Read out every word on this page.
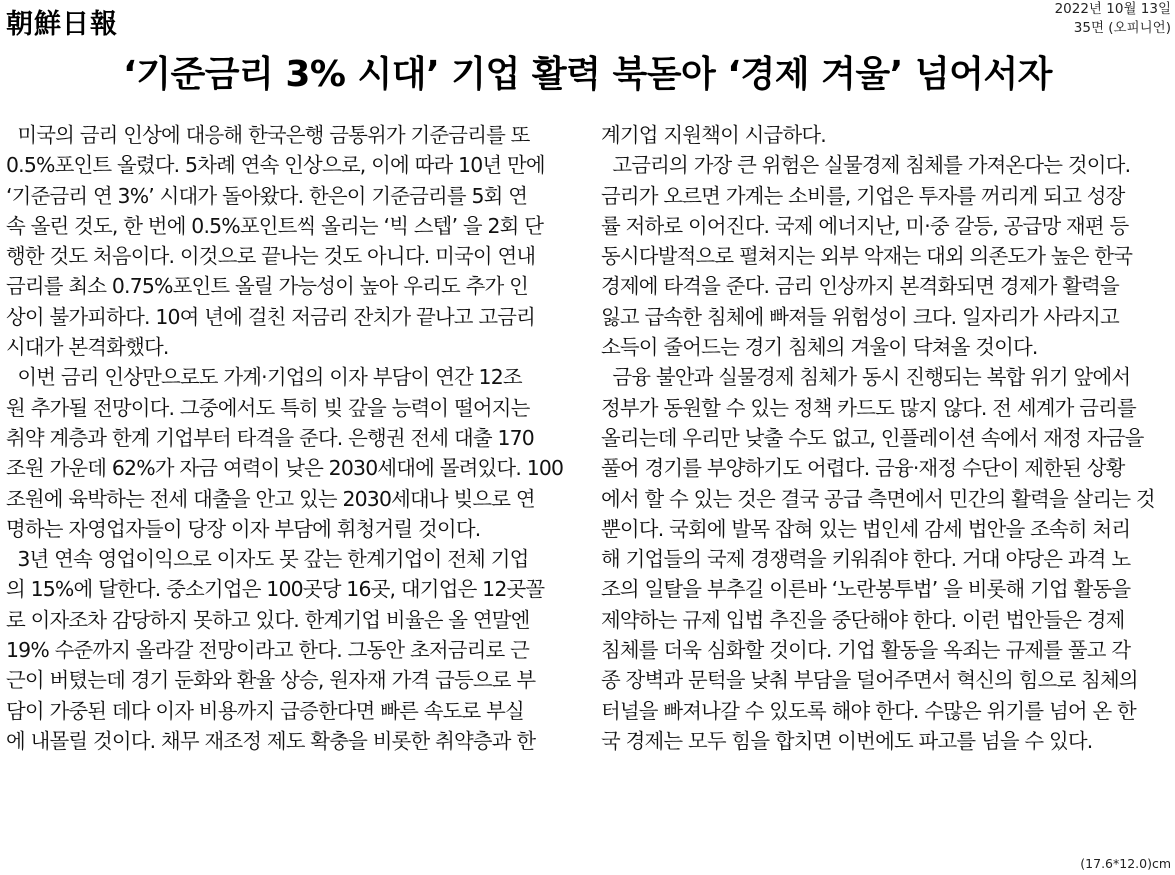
朝鮮日報	2022년 10월 13일
35면 (오피니언)
‘기준금리 3% 시대’ 기업 활력 북돋아 ‘경제 겨울’ 넘어서자
미국의 금리 인상에 대응해 한국은행 금통위가 기준금리를 또
0.5%포인트 올렸다. 5차례 연속 인상으로, 이에 따라 10년 만에
‘기준금리 연 3%’ 시대가 돌아왔다. 한은이 기준금리를 5회 연
속 올린 것도, 한 번에 0.5%포인트씩 올리는 ‘빅 스텝’ 을 2회 단
행한 것도 처음이다. 이것으로 끝나는 것도 아니다. 미국이 연내
금리를 최소 0.75%포인트 올릴 가능성이 높아 우리도 추가 인
상이 불가피하다. 10여 년에 걸친 저금리 잔치가 끝나고 고금리
시대가 본격화했다.
이번 금리 인상만으로도 가계·기업의 이자 부담이 연간 12조
원 추가될 전망이다. 그중에서도 특히 빚 갚을 능력이 떨어지는
취약 계층과 한계 기업부터 타격을 준다. 은행권 전세 대출 170
조원 가운데 62%가 자금 여력이 낮은 2030세대에 몰려있다. 100
조원에 육박하는 전세 대출을 안고 있는 2030세대나 빚으로 연
명하는 자영업자들이 당장 이자 부담에 휘청거릴 것이다.
3년 연속 영업이익으로 이자도 못 갚는 한계기업이 전체 기업
의 15%에 달한다. 중소기업은 100곳당 16곳, 대기업은 12곳꼴
로 이자조차 감당하지 못하고 있다. 한계기업 비율은 올 연말엔
19% 수준까지 올라갈 전망이라고 한다. 그동안 초저금리로 근
근이 버텼는데 경기 둔화와 환율 상승, 원자재 가격 급등으로 부
담이 가중된 데다 이자 비용까지 급증한다면 빠른 속도로 부실
에 내몰릴 것이다. 채무 재조정 제도 확충을 비롯한 취약층과 한
계기업 지원책이 시급하다.
고금리의 가장 큰 위험은 실물경제 침체를 가져온다는 것이다.
금리가 오르면 가계는 소비를, 기업은 투자를 꺼리게 되고 성장
률 저하로 이어진다. 국제 에너지난, 미·중 갈등, 공급망 재편 등
동시다발적으로 펼쳐지는 외부 악재는 대외 의존도가 높은 한국
경제에 타격을 준다. 금리 인상까지 본격화되면 경제가 활력을
잃고 급속한 침체에 빠져들 위험성이 크다. 일자리가 사라지고
소득이 줄어드는 경기 침체의 겨울이 닥쳐올 것이다.
금융 불안과 실물경제 침체가 동시 진행되는 복합 위기 앞에서
정부가 동원할 수 있는 정책 카드도 많지 않다. 전 세계가 금리를
올리는데 우리만 낮출 수도 없고, 인플레이션 속에서 재정 자금을
풀어 경기를 부양하기도 어렵다. 금융·재정 수단이 제한된 상황
에서 할 수 있는 것은 결국 공급 측면에서 민간의 활력을 살리는 것
뿐이다. 국회에 발목 잡혀 있는 법인세 감세 법안을 조속히 처리
해 기업들의 국제 경쟁력을 키워줘야 한다. 거대 야당은 과격 노
조의 일탈을 부추길 이른바 ‘노란봉투법’ 을 비롯해 기업 활동을
제약하는 규제 입법 추진을 중단해야 한다. 이런 법안들은 경제
침체를 더욱 심화할 것이다. 기업 활동을 옥죄는 규제를 풀고 각
종 장벽과 문턱을 낮춰 부담을 덜어주면서 혁신의 힘으로 침체의
터널을 빠져나갈 수 있도록 해야 한다. 수많은 위기를 넘어 온 한
국 경제는 모두 힘을 합치면 이번에도 파고를 넘을 수 있다.
(17.6*12.0)cm
